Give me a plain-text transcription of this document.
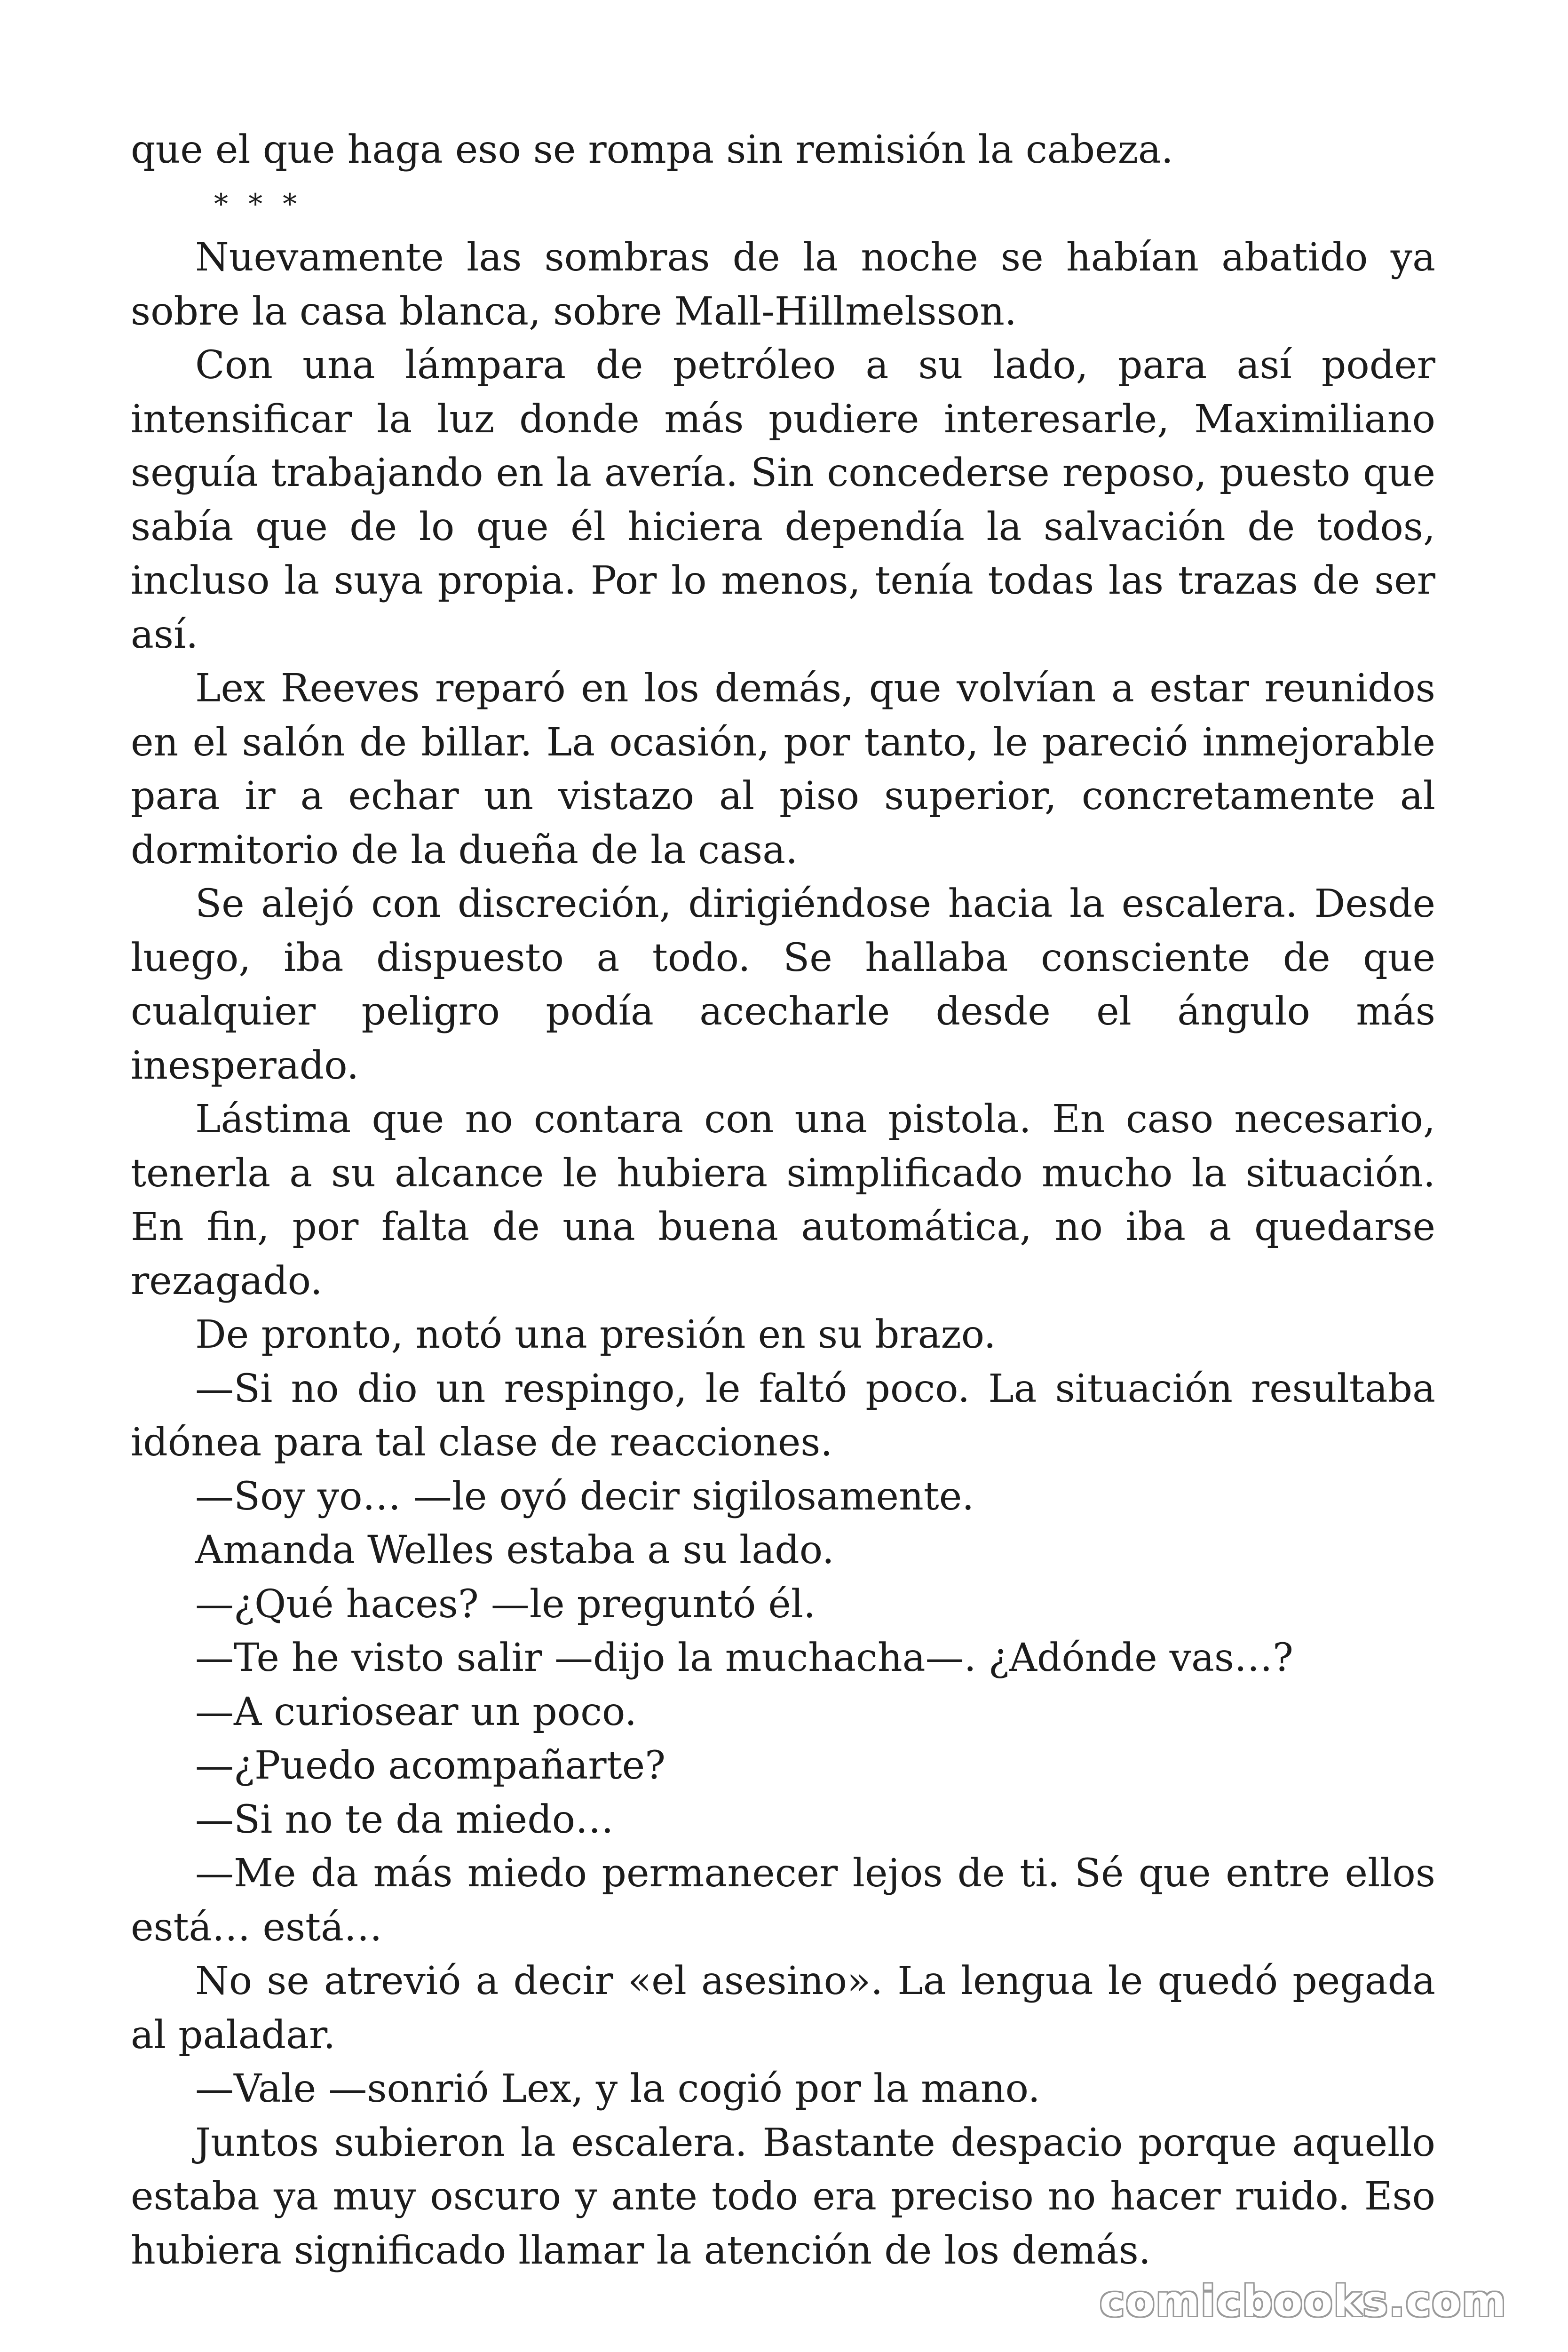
que el que haga eso se rompa sin remisión la cabeza.

* * *

Nuevamente las sombras de la noche se habían abatido ya sobre la casa blanca, sobre Mall-Hillmelsson.

Con una lámpara de petróleo a su lado, para así poder intensificar la luz donde más pudiere interesarle, Maximiliano seguía trabajando en la avería. Sin concederse reposo, puesto que sabía que de lo que él hiciera dependía la salvación de todos, incluso la suya propia. Por lo menos, tenía todas las trazas de ser así.

Lex Reeves reparó en los demás, que volvían a estar reunidos en el salón de billar. La ocasión, por tanto, le pareció inmejorable para ir a echar un vistazo al piso superior, concretamente al dormitorio de la dueña de la casa.

Se alejó con discreción, dirigiéndose hacia la escalera. Desde luego, iba dispuesto a todo. Se hallaba consciente de que cualquier peligro podía acecharle desde el ángulo más inesperado.

Lástima que no contara con una pistola. En caso necesario, tenerla a su alcance le hubiera simplificado mucho la situación. En fin, por falta de una buena automática, no iba a quedarse rezagado.

De pronto, notó una presión en su brazo.

—Si no dio un respingo, le faltó poco. La situación resultaba idónea para tal clase de reacciones.

—Soy yo… —le oyó decir sigilosamente.

Amanda Welles estaba a su lado.

—¿Qué haces? —le preguntó él.

—Te he visto salir —dijo la muchacha—. ¿Adónde vas…?

—A curiosear un poco.

—¿Puedo acompañarte?

—Si no te da miedo…

—Me da más miedo permanecer lejos de ti. Sé que entre ellos está… está…

No se atrevió a decir «el asesino». La lengua le quedó pegada al paladar.

—Vale —sonrió Lex, y la cogió por la mano.

Juntos subieron la escalera. Bastante despacio porque aquello estaba ya muy oscuro y ante todo era preciso no hacer ruido. Eso hubiera significado llamar la atención de los demás.

comicbooks.com
